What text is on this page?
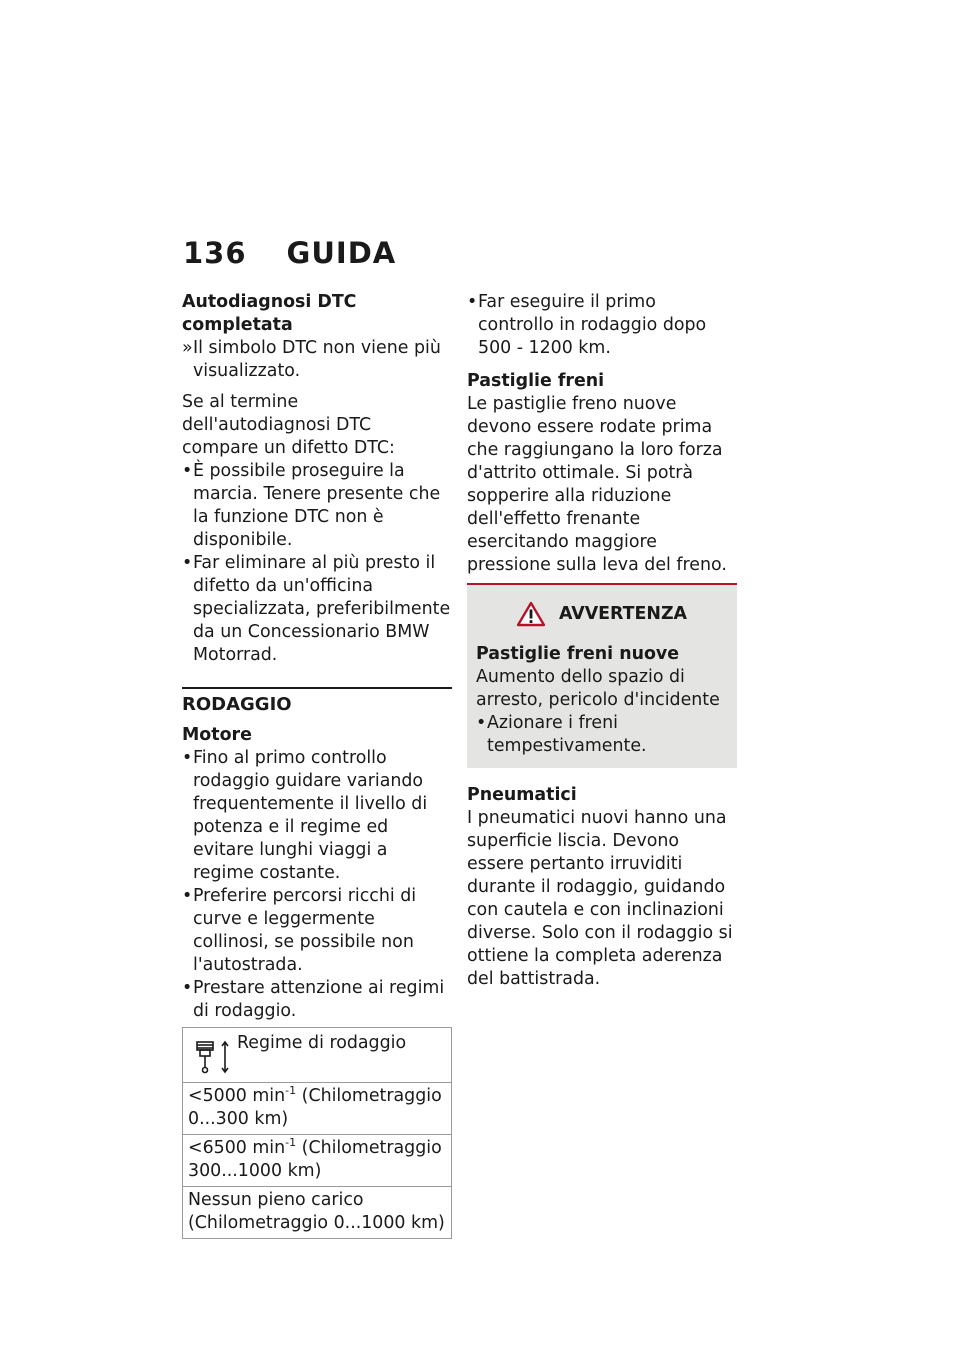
136 GUIDA

Autodiagnosi DTC completata

» Il simbolo DTC non viene più visualizzato.

Se al termine dell'autodiagnosi DTC compare un difetto DTC:

• È possibile proseguire la marcia. Tenere presente che la funzione DTC non è disponibile.
• Far eliminare al più presto il difetto da un'officina specializzata, preferibilmente da un Concessionario BMW Motorrad.

RODAGGIO

Motore

• Fino al primo controllo rodaggio guidare variando frequentemente il livello di potenza e il regime ed evitare lunghi viaggi a regime costante.
• Preferire percorsi ricchi di curve e leggermente collinosi, se possibile non l'autostrada.
• Prestare attenzione ai regimi di rodaggio.
Regime di rodaggio
<5000 $\min^{-1}$ (Chilometraggio 0...300 km)
<6500 $\min^{-1}$ (Chilometraggio 300...1000 km)
Nessun pieno carico (Chilometraggio 0...1000 km)
• Far eseguire il primo controllo in rodaggio dopo 500 - 1200 km.

Pastiglie freni

Le pastiglie freno nuove devono essere rodate prima che raggiungano la loro forza d'attrito ottimale. Si potrà sopperire alla riduzione dell'effetto frenante esercitando maggiore pressione sulla leva del freno.

AVVERTENZA

Pastiglie freni nuove

Aumento dello spazio di arresto, pericolo d'incidente

• Azionare i freni tempestivamente.

Pneumatici

I pneumatici nuovi hanno una superficie liscia. Devono essere pertanto irruviditi durante il rodaggio, guidando con cautela e con inclinazioni diverse. Solo con il rodaggio si ottiene la completa aderenza del battistrada.
